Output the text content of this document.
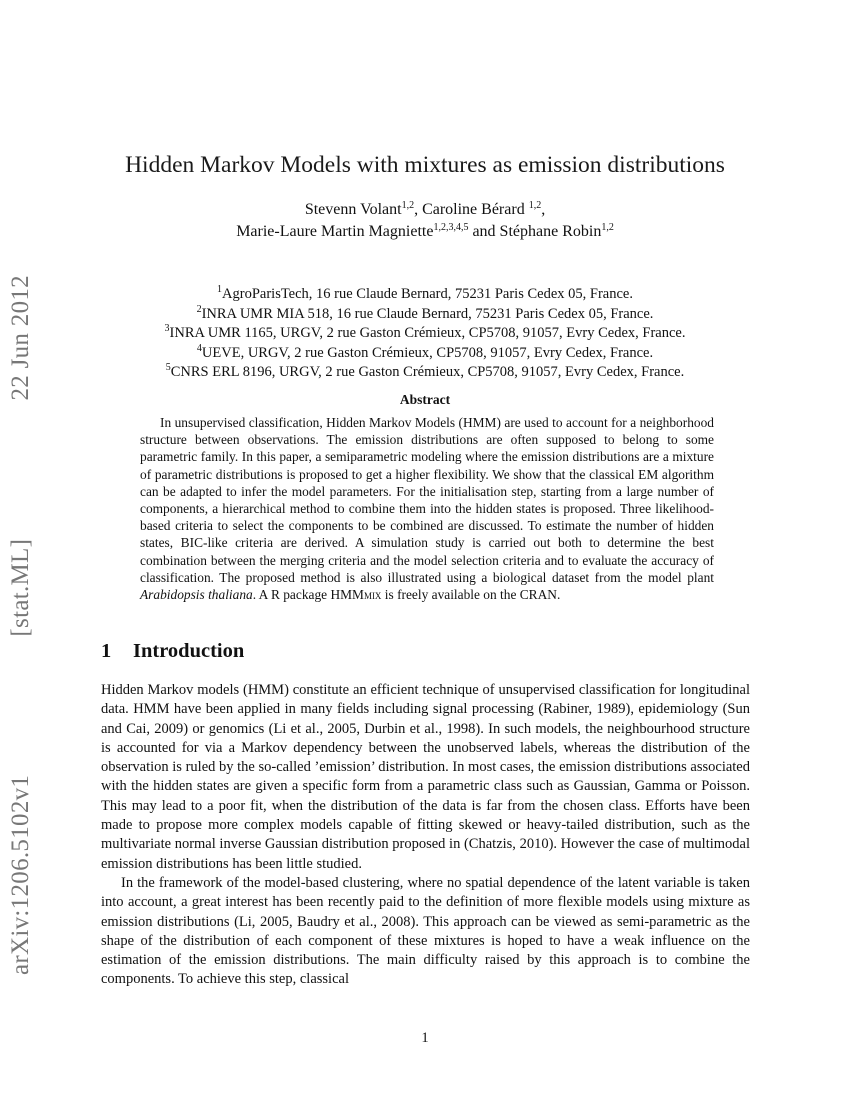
arXiv:1206.5102v1
[stat.ML]
22 Jun 2012
Hidden Markov Models with mixtures as emission distributions
Stevenn Volant$^{1,2}$, Caroline Bérard $^{1,2}$,
Marie-Laure Martin Magniette$^{1,2,3,4,5}$ and Stéphane Robin$^{1,2}$
$^1$AgroParisTech, 16 rue Claude Bernard, 75231 Paris Cedex 05, France.
$^2$INRA UMR MIA 518, 16 rue Claude Bernard, 75231 Paris Cedex 05, France.
$^3$INRA UMR 1165, URGV, 2 rue Gaston Crémieux, CP5708, 91057, Evry Cedex, France.
$^4$UEVE, URGV, 2 rue Gaston Crémieux, CP5708, 91057, Evry Cedex, France.
$^5$CNRS ERL 8196, URGV, 2 rue Gaston Crémieux, CP5708, 91057, Evry Cedex, France.
Abstract

In unsupervised classification, Hidden Markov Models (HMM) are used to account for a neighborhood structure between observations. The emission distributions are often supposed to belong to some parametric family. In this paper, a semiparametric modeling where the emission distributions are a mixture of parametric distributions is proposed to get a higher flexibility. We show that the classical EM algorithm can be adapted to infer the model parameters. For the initialisation step, starting from a large number of components, a hierarchical method to combine them into the hidden states is proposed. Three likelihood-based criteria to select the components to be combined are discussed. To estimate the number of hidden states, BIC-like criteria are derived. A simulation study is carried out both to determine the best combination between the merging criteria and the model selection criteria and to evaluate the accuracy of classification. The proposed method is also illustrated using a biological dataset from the model plant Arabidopsis thaliana. A R package HMMmix is freely available on the CRAN.

1 Introduction

Hidden Markov models (HMM) constitute an efficient technique of unsupervised classification for longitudinal data. HMM have been applied in many fields including signal processing (Rabiner, 1989), epidemiology (Sun and Cai, 2009) or genomics (Li et al., 2005, Durbin et al., 1998). In such models, the neighbourhood structure is accounted for via a Markov dependency between the unobserved labels, whereas the distribution of the observation is ruled by the so-called ’emission’ distribution. In most cases, the emission distributions associated with the hidden states are given a specific form from a parametric class such as Gaussian, Gamma or Poisson. This may lead to a poor fit, when the distribution of the data is far from the chosen class. Efforts have been made to propose more complex models capable of fitting skewed or heavy-tailed distribution, such as the multivariate normal inverse Gaussian distribution proposed in (Chatzis, 2010). However the case of multimodal emission distributions has been little studied.

In the framework of the model-based clustering, where no spatial dependence of the latent variable is taken into account, a great interest has been recently paid to the definition of more flexible models using mixture as emission distributions (Li, 2005, Baudry et al., 2008). This approach can be viewed as semi-parametric as the shape of the distribution of each component of these mixtures is hoped to have a weak influence on the estimation of the emission distributions. The main difficulty raised by this approach is to combine the components. To achieve this step, classical

1
